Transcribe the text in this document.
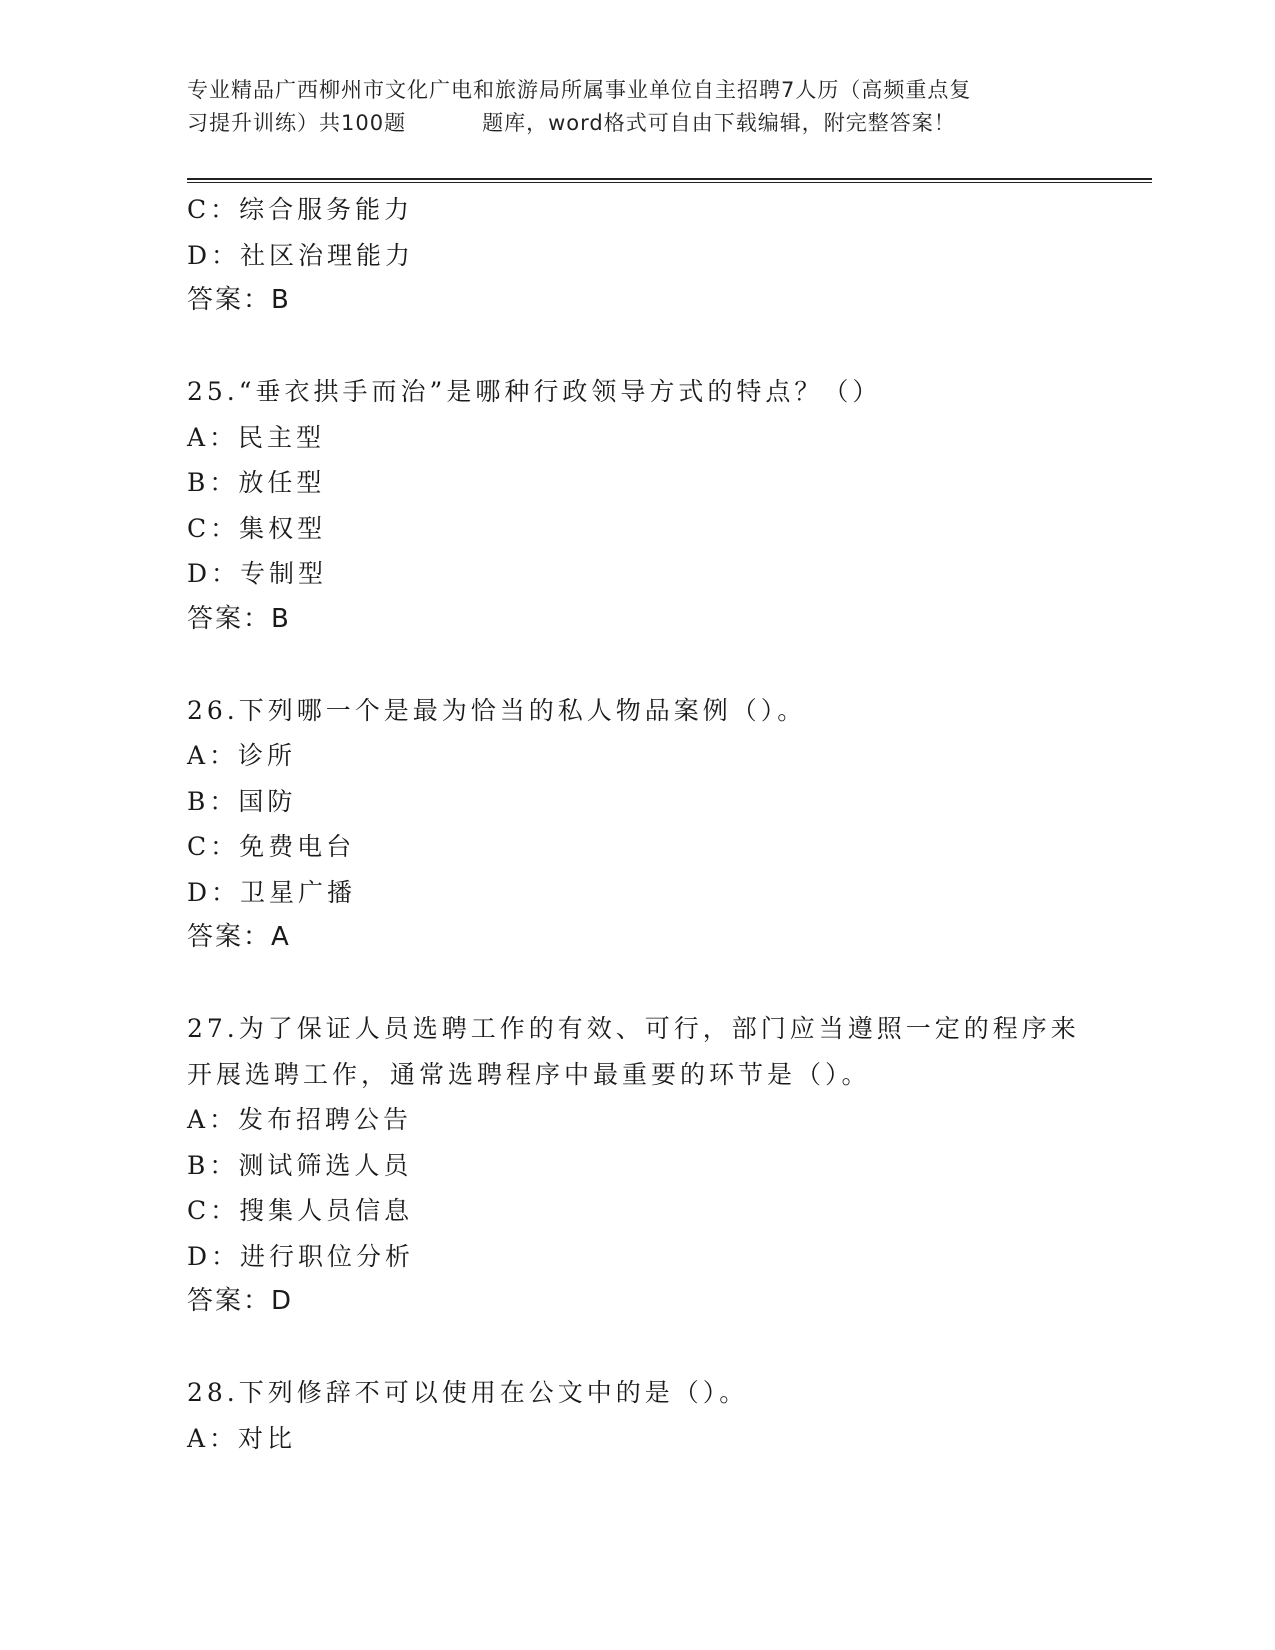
专业精品广西柳州市文化广电和旅游局所属事业单位自主招聘7人历（高频重点复
习提升训练）共100题	题库，word格式可自由下载编辑，附完整答案！
C：综合服务能力
D：社区治理能力
答案：B
25.“垂衣拱手而治”是哪种行政领导方式的特点？（）
A：民主型
B：放任型
C：集权型
D：专制型
答案：B
26.下列哪一个是最为恰当的私人物品案例（）。
A：诊所
B：国防
C：免费电台
D：卫星广播
答案：A
27.为了保证人员选聘工作的有效、可行，部门应当遵照一定的程序来
开展选聘工作，通常选聘程序中最重要的环节是（）。
A：发布招聘公告
B：测试筛选人员
C：搜集人员信息
D：进行职位分析
答案：D
28.下列修辞不可以使用在公文中的是（）。
A：对比
